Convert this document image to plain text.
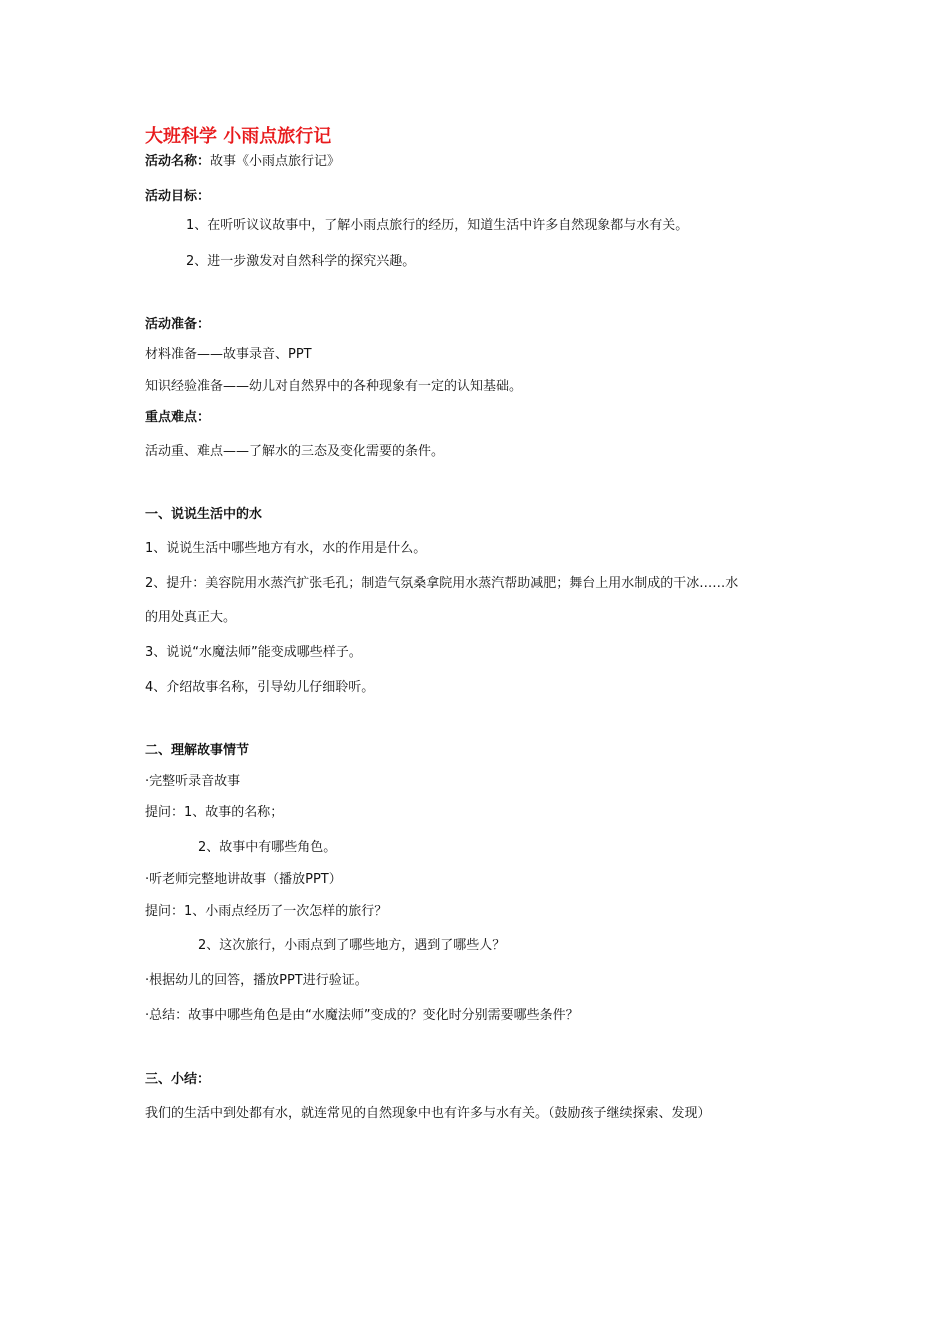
大班科学 小雨点旅行记
活动名称：故事《小雨点旅行记》
活动目标：
1、在听听议议故事中，了解小雨点旅行的经历，知道生活中许多自然现象都与水有关。
2、进一步激发对自然科学的探究兴趣。
活动准备：
材料准备——故事录音、PPT
知识经验准备——幼儿对自然界中的各种现象有一定的认知基础。
重点难点：
活动重、难点——了解水的三态及变化需要的条件。
一、说说生活中的水
1、说说生活中哪些地方有水，水的作用是什么。
2、提升：美容院用水蒸汽扩张毛孔；制造气氛桑拿院用水蒸汽帮助减肥；舞台上用水制成的干冰……水
的用处真正大。
3、说说“水魔法师”能变成哪些样子。
4、介绍故事名称，引导幼儿仔细聆听。
二、理解故事情节
·完整听录音故事
提问：1、故事的名称；
2、故事中有哪些角色。
·听老师完整地讲故事（播放PPT）
提问：1、小雨点经历了一次怎样的旅行？
2、这次旅行，小雨点到了哪些地方，遇到了哪些人？
·根据幼儿的回答，播放PPT进行验证。
·总结：故事中哪些角色是由“水魔法师”变成的？变化时分别需要哪些条件？
三、小结：
我们的生活中到处都有水，就连常见的自然现象中也有许多与水有关。（鼓励孩子继续探索、发现）
